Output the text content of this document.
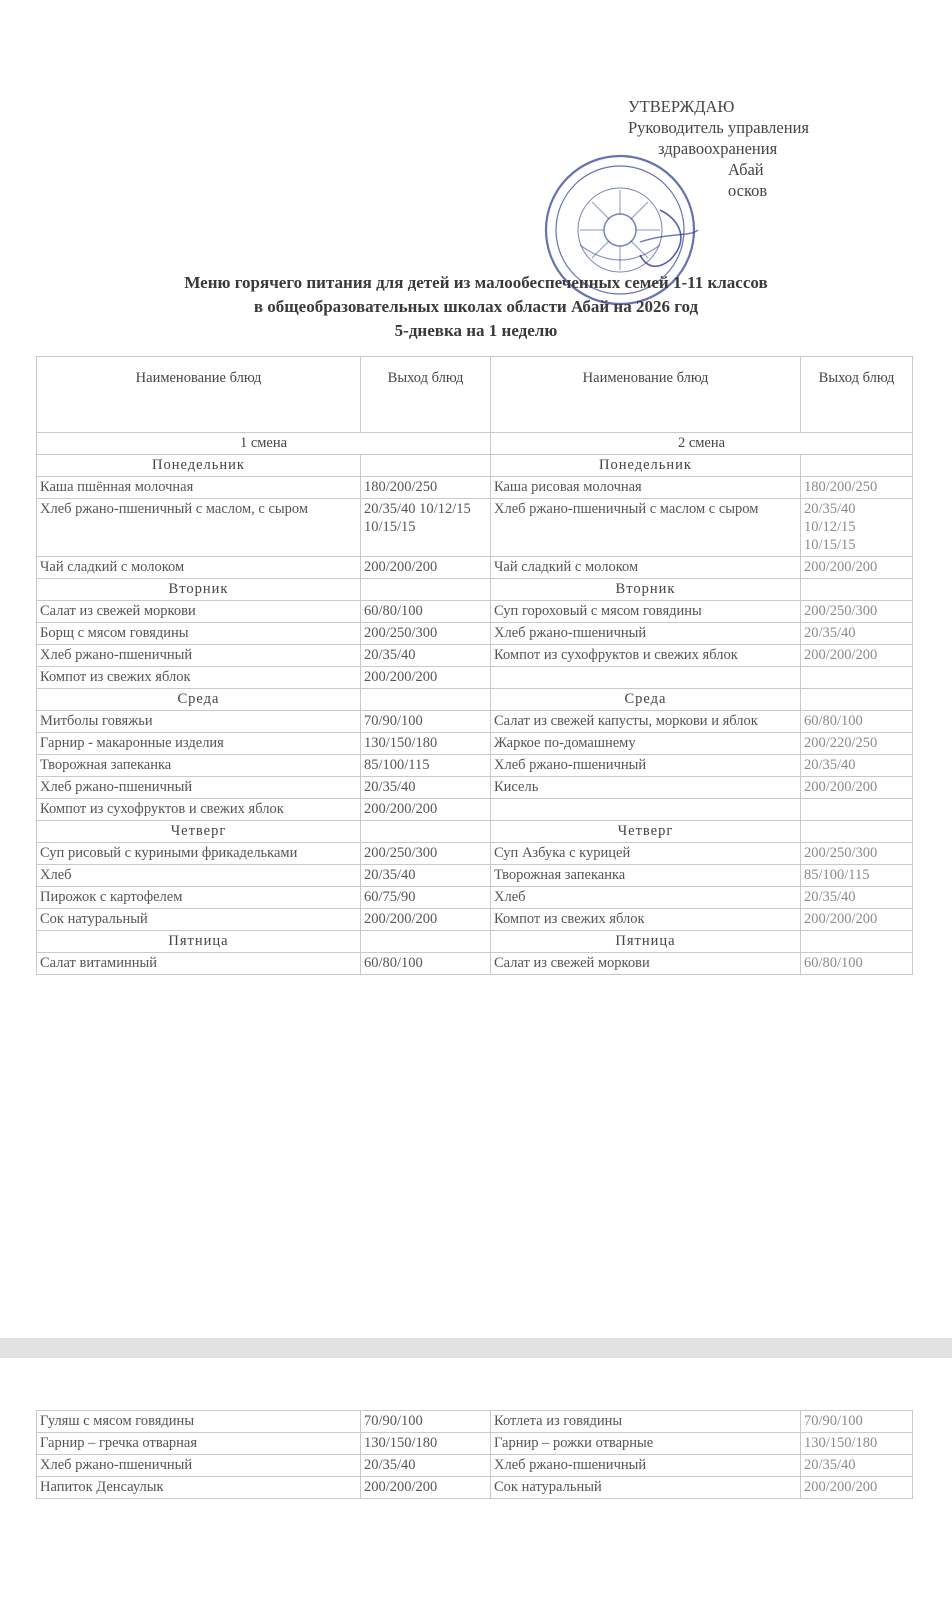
УТВЕРЖДАЮ
Руководитель управления
здравоохранения
Абай
осков
Меню горячего питания для детей из малообеспеченных семей 1-11 классов
в общеобразовательных школах области Абай на 2026 год
5-дневка на 1 неделю
Наименование блюд	Выход блюд	Наименование блюд	Выход блюд
1 смена		2 смена	
Понедельник		Понедельник	
Каша пшённая молочная	180/200/250	Каша рисовая молочная	180/200/250
Хлеб ржано-пшеничный с маслом, с сыром	20/35/40 10/12/15 10/15/15	Хлеб ржано-пшеничный с маслом с сыром	20/35/40 10/12/15 10/15/15
Чай сладкий с молоком	200/200/200	Чай сладкий с молоком	200/200/200
Вторник		Вторник	
Салат из свежей моркови	60/80/100	Суп гороховый с мясом говядины	200/250/300
Борщ с мясом говядины	200/250/300	Хлеб ржано-пшеничный	20/35/40
Хлеб ржано-пшеничный	20/35/40	Компот из сухофруктов и свежих яблок	200/200/200
Компот из свежих яблок	200/200/200		
Среда		Среда	
Митболы говяжьи	70/90/100	Салат из свежей капусты, моркови и яблок	60/80/100
Гарнир - макаронные изделия	130/150/180	Жаркое по-домашнему	200/220/250
Творожная запеканка	85/100/115	Хлеб ржано-пшеничный	20/35/40
Хлеб ржано-пшеничный	20/35/40	Кисель	200/200/200
Компот из сухофруктов и свежих яблок	200/200/200		
Четверг		Четверг	
Суп рисовый с куриными фрикадельками	200/250/300	Суп Азбука с курицей	200/250/300
Хлеб	20/35/40	Творожная запеканка	85/100/115
Пирожок с картофелем	60/75/90	Хлеб	20/35/40
Сок натуральный	200/200/200	Компот из свежих яблок	200/200/200
Пятница		Пятница	
Салат витаминный	60/80/100	Салат из свежей моркови	60/80/100
Гуляш с мясом говядины	70/90/100	Котлета из говядины	70/90/100
Гарнир – гречка отварная	130/150/180	Гарнир – рожки отварные	130/150/180
Хлеб ржано-пшеничный	20/35/40	Хлеб ржано-пшеничный	20/35/40
Напиток Денсаулык	200/200/200	Сок натуральный	200/200/200
